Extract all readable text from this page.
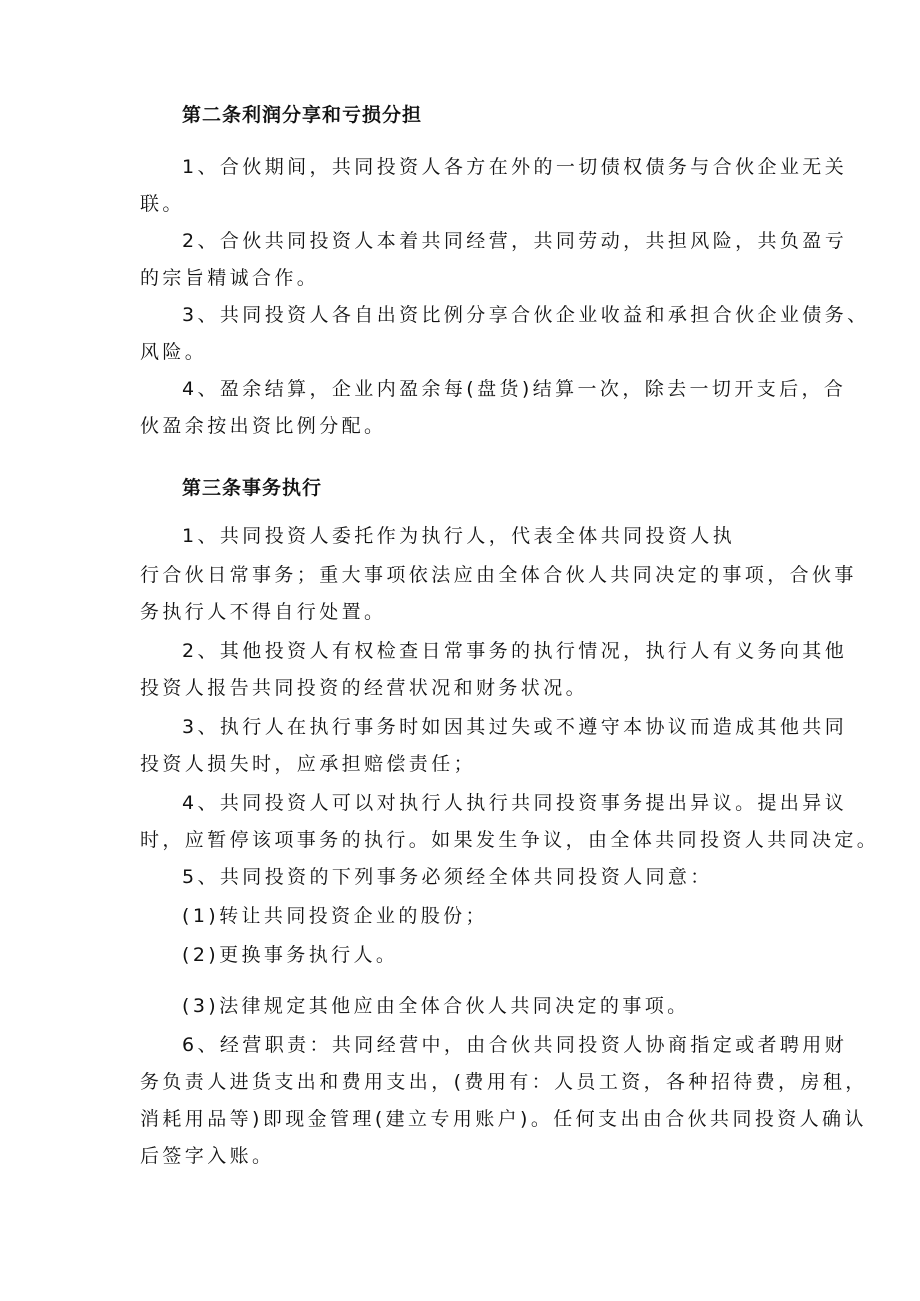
第二条利润分享和亏损分担
1、合伙期间，共同投资人各方在外的一切债权债务与合伙企业无关
联。
2、合伙共同投资人本着共同经营，共同劳动，共担风险，共负盈亏
的宗旨精诚合作。
3、共同投资人各自出资比例分享合伙企业收益和承担合伙企业债务、
风险。
4、盈余结算，企业内盈余每(盘货)结算一次，除去一切开支后，合
伙盈余按出资比例分配。
第三条事务执行
1、共同投资人委托作为执行人，代表全体共同投资人执
行合伙日常事务；重大事项依法应由全体合伙人共同决定的事项，合伙事
务执行人不得自行处置。
2、其他投资人有权检查日常事务的执行情况，执行人有义务向其他
投资人报告共同投资的经营状况和财务状况。
3、执行人在执行事务时如因其过失或不遵守本协议而造成其他共同
投资人损失时，应承担赔偿责任；
4、共同投资人可以对执行人执行共同投资事务提出异议。提出异议
时，应暂停该项事务的执行。如果发生争议，由全体共同投资人共同决定。
5、共同投资的下列事务必须经全体共同投资人同意：
(1)转让共同投资企业的股份；
(2)更换事务执行人。
(3)法律规定其他应由全体合伙人共同决定的事项。
6、经营职责：共同经营中，由合伙共同投资人协商指定或者聘用财
务负责人进货支出和费用支出，(费用有：人员工资，各种招待费，房租，
消耗用品等)即现金管理(建立专用账户)。任何支出由合伙共同投资人确认
后签字入账。
